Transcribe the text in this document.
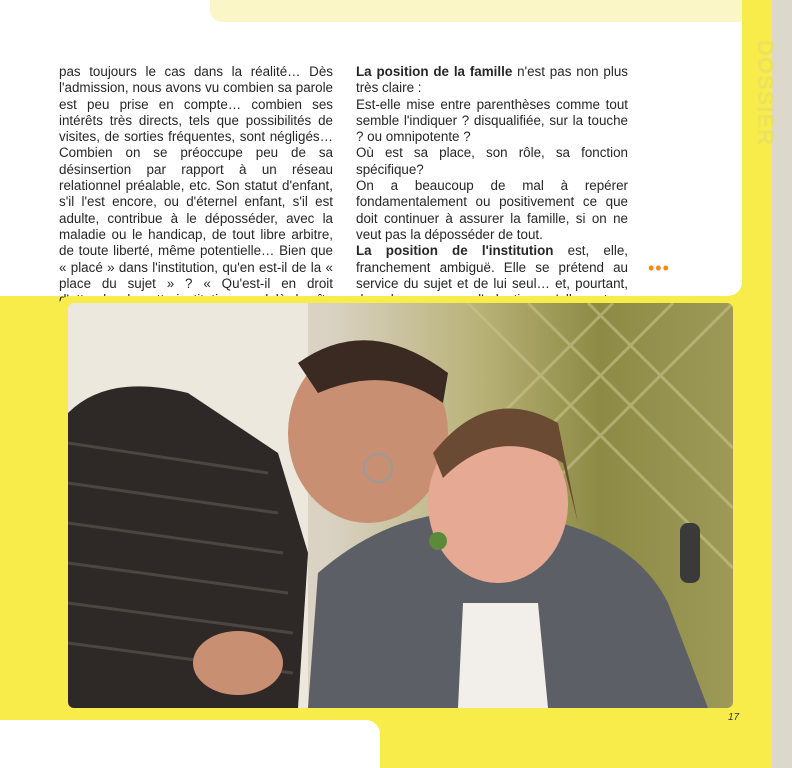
DOSSIER

pas toujours le cas dans la réalité… Dès l'admission, nous avons vu combien sa parole est peu prise en compte… combien ses intérêts très directs, tels que possibilités de visites, de sorties fréquentes, sont négligés… Combien on se préoccupe peu de sa désinsertion par rapport à un réseau relationnel préalable, etc. Son statut d'enfant, s'il l'est encore, ou d'éternel enfant, s'il est adulte, contribue à le déposséder, avec la maladie ou le handicap, de tout libre arbitre, de toute liberté, même potentielle… Bien que « placé » dans l'institution, qu'en est-il de la « place du sujet » ? « Qu'est-il en droit

La position de la famille n'est pas non plus très claire :

Est-elle mise entre parenthèses comme tout semble l'indiquer ? disqualifiée, sur la touche ? ou omnipotente ?

Où est sa place, son rôle, sa fonction spécifique?

On a beaucoup de mal à repérer fondamentalement ou positivement ce que doit continuer à assurer la famille, si on ne veut pas la déposséder de tout.

La position de l'institution est, elle, franchement ambiguë. Elle se prétend au service du sujet et de lui seul… et, pourtant,

•••
17
